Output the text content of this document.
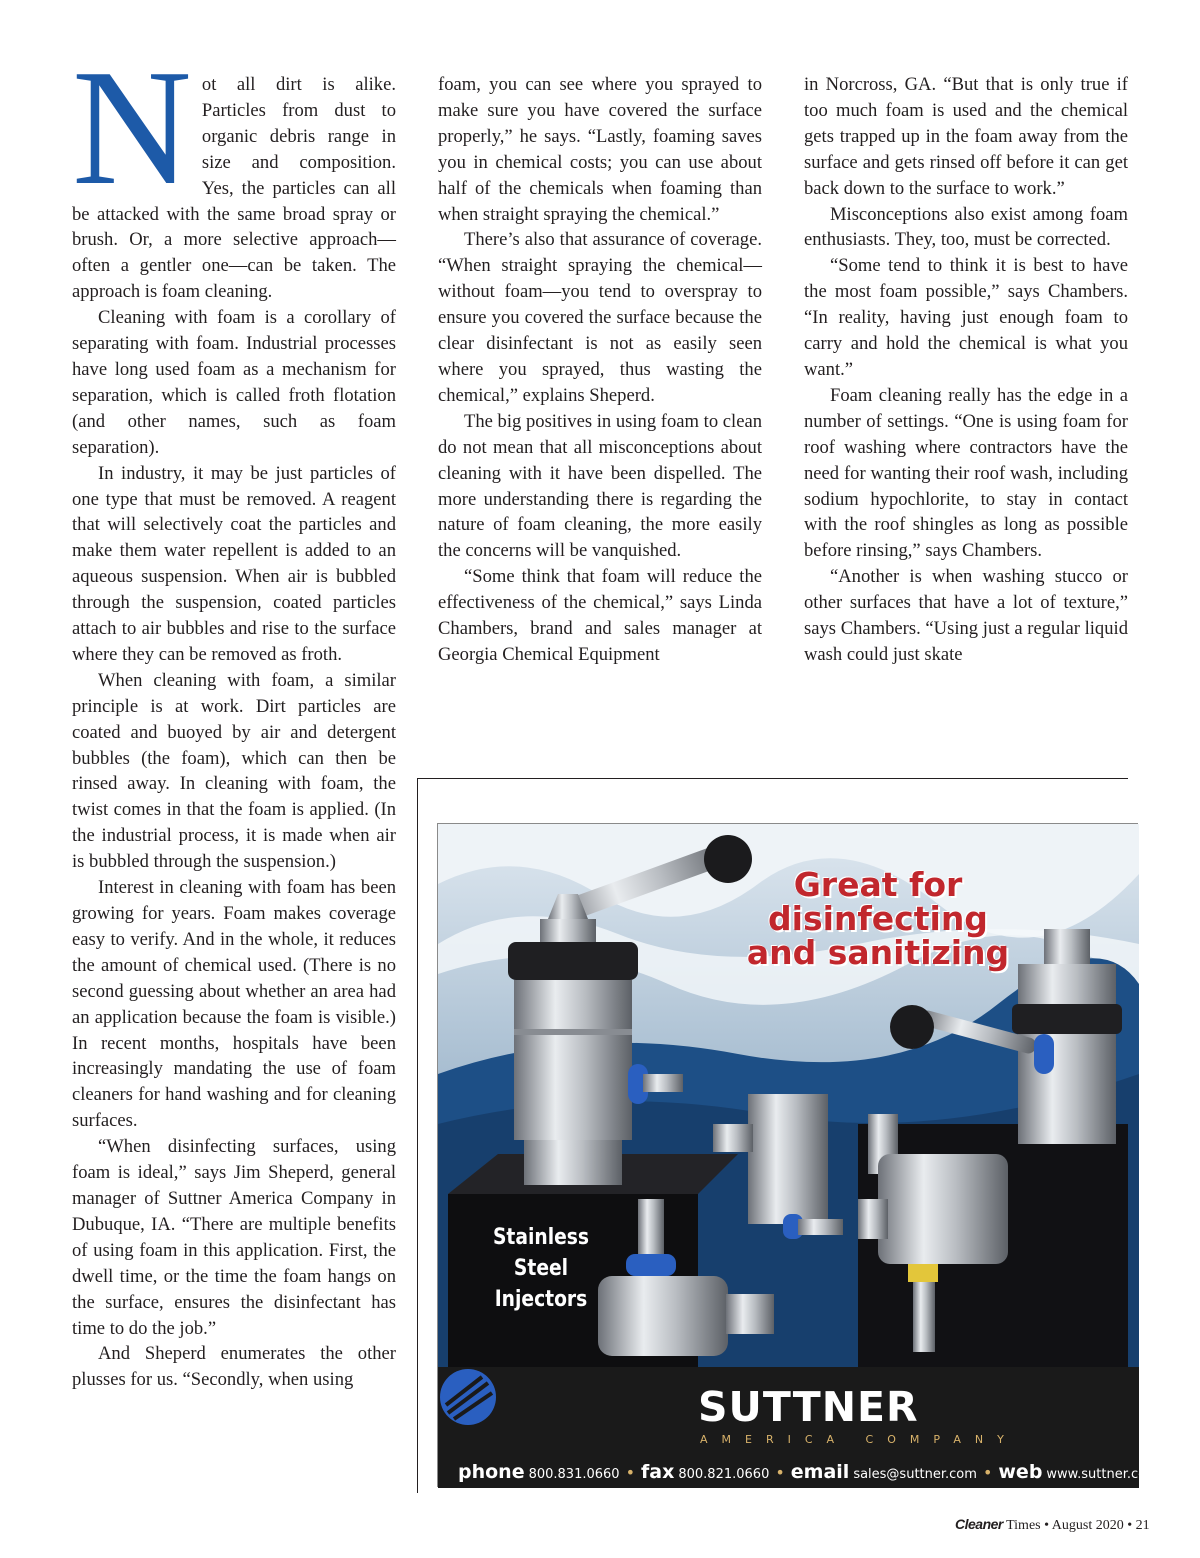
N ot all dirt is alike. Particles from dust to organic debris range in size and composition. Yes, the particles can all be attacked with the same broad spray or brush. Or, a more selective approach—often a gentler one—can be taken. The approach is foam cleaning.

Cleaning with foam is a corollary of separating with foam. Industrial processes have long used foam as a mechanism for separation, which is called froth flotation (and other names, such as foam separation).

In industry, it may be just particles of one type that must be removed. A reagent that will selectively coat the particles and make them water repellent is added to an aqueous suspension. When air is bubbled through the suspension, coated particles attach to air bubbles and rise to the surface where they can be removed as froth.

When cleaning with foam, a similar principle is at work. Dirt particles are coated and buoyed by air and detergent bubbles (the foam), which can then be rinsed away. In cleaning with foam, the twist comes in that the foam is applied. (In the industrial process, it is made when air is bubbled through the suspension.)

Interest in cleaning with foam has been growing for years. Foam makes coverage easy to verify. And in the whole, it reduces the amount of chemical used. (There is no second guessing about whether an area had an application because the foam is visible.) In recent months, hospitals have been increasingly mandating the use of foam cleaners for hand washing and for cleaning surfaces.

“When disinfecting surfaces, using foam is ideal,” says Jim Sheperd, general manager of Suttner America Company in Dubuque, IA. “There are multiple benefits of using foam in this application. First, the dwell time, or the time the foam hangs on the surface, ensures the disinfectant has time to do the job.”

And Sheperd enumerates the other plusses for us. “Secondly, when using

foam, you can see where you sprayed to make sure you have covered the surface properly,” he says. “Lastly, foaming saves you in chemical costs; you can use about half of the chemicals when foaming than when straight spraying the chemical.”

There’s also that assurance of coverage. “When straight spraying the chemical—without foam—you tend to overspray to ensure you covered the surface because the clear disinfectant is not as easily seen where you sprayed, thus wasting the chemical,” explains Sheperd.

The big positives in using foam to clean do not mean that all misconceptions about cleaning with it have been dispelled. The more understanding there is regarding the nature of foam cleaning, the more easily the concerns will be vanquished.

“Some think that foam will reduce the effectiveness of the chemical,” says Linda Chambers, brand and sales manager at Georgia Chemical Equipment

in Norcross, GA. “But that is only true if too much foam is used and the chemical gets trapped up in the foam away from the surface and gets rinsed off before it can get back down to the surface to work.”

Misconceptions also exist among foam enthusiasts. They, too, must be corrected.

“Some tend to think it is best to have the most foam possible,” says Chambers. “In reality, having just enough foam to carry and hold the chemical is what you want.”

Foam cleaning really has the edge in a number of settings. “One is using foam for roof washing where contractors have the need for wanting their roof wash, including sodium hypochlorite, to stay in contact with the roof shingles as long as possible before rinsing,” says Chambers.

“Another is when washing stucco or other surfaces that have a lot of texture,” says Chambers. “Using just a regular liquid wash could just skate

Great for
disinfecting
and sanitizing
Stainless Steel
Injectors
SUTTNER
AMERICA COMPANY
phone 800.831.0660 • fax 800.821.0660 • email sales@suttner.com • web www.suttner.com
Cleaner Times • August 2020 • 21
